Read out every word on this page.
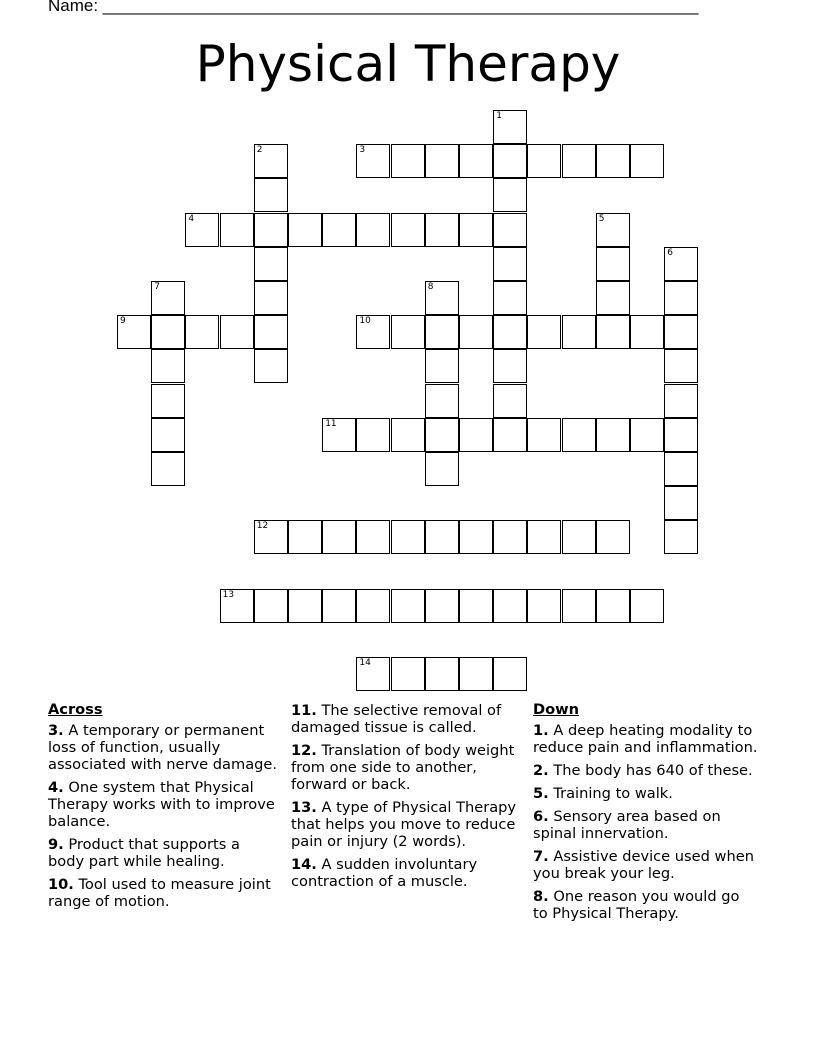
Name: _______________________________________________________________
Physical Therapy
3
4
9	10
11
12
13
14
1
2
5
6
7	8
Across
3. A temporary or permanent loss of function, usually associated with nerve damage.
4. One system that Physical Therapy works with to improve balance.
9. Product that supports a body part while healing.
10. Tool used to measure joint range of motion.
11. The selective removal of damaged tissue is called.
12. Translation of body weight from one side to another, forward or back.
13. A type of Physical Therapy that helps you move to reduce pain or injury (2 words).
14. A sudden involuntary contraction of a muscle.
Down
1. A deep heating modality to reduce pain and inflammation.
2. The body has 640 of these.
5. Training to walk.
6. Sensory area based on spinal innervation.
7. Assistive device used when you break your leg.
8. One reason you would go to Physical Therapy.
